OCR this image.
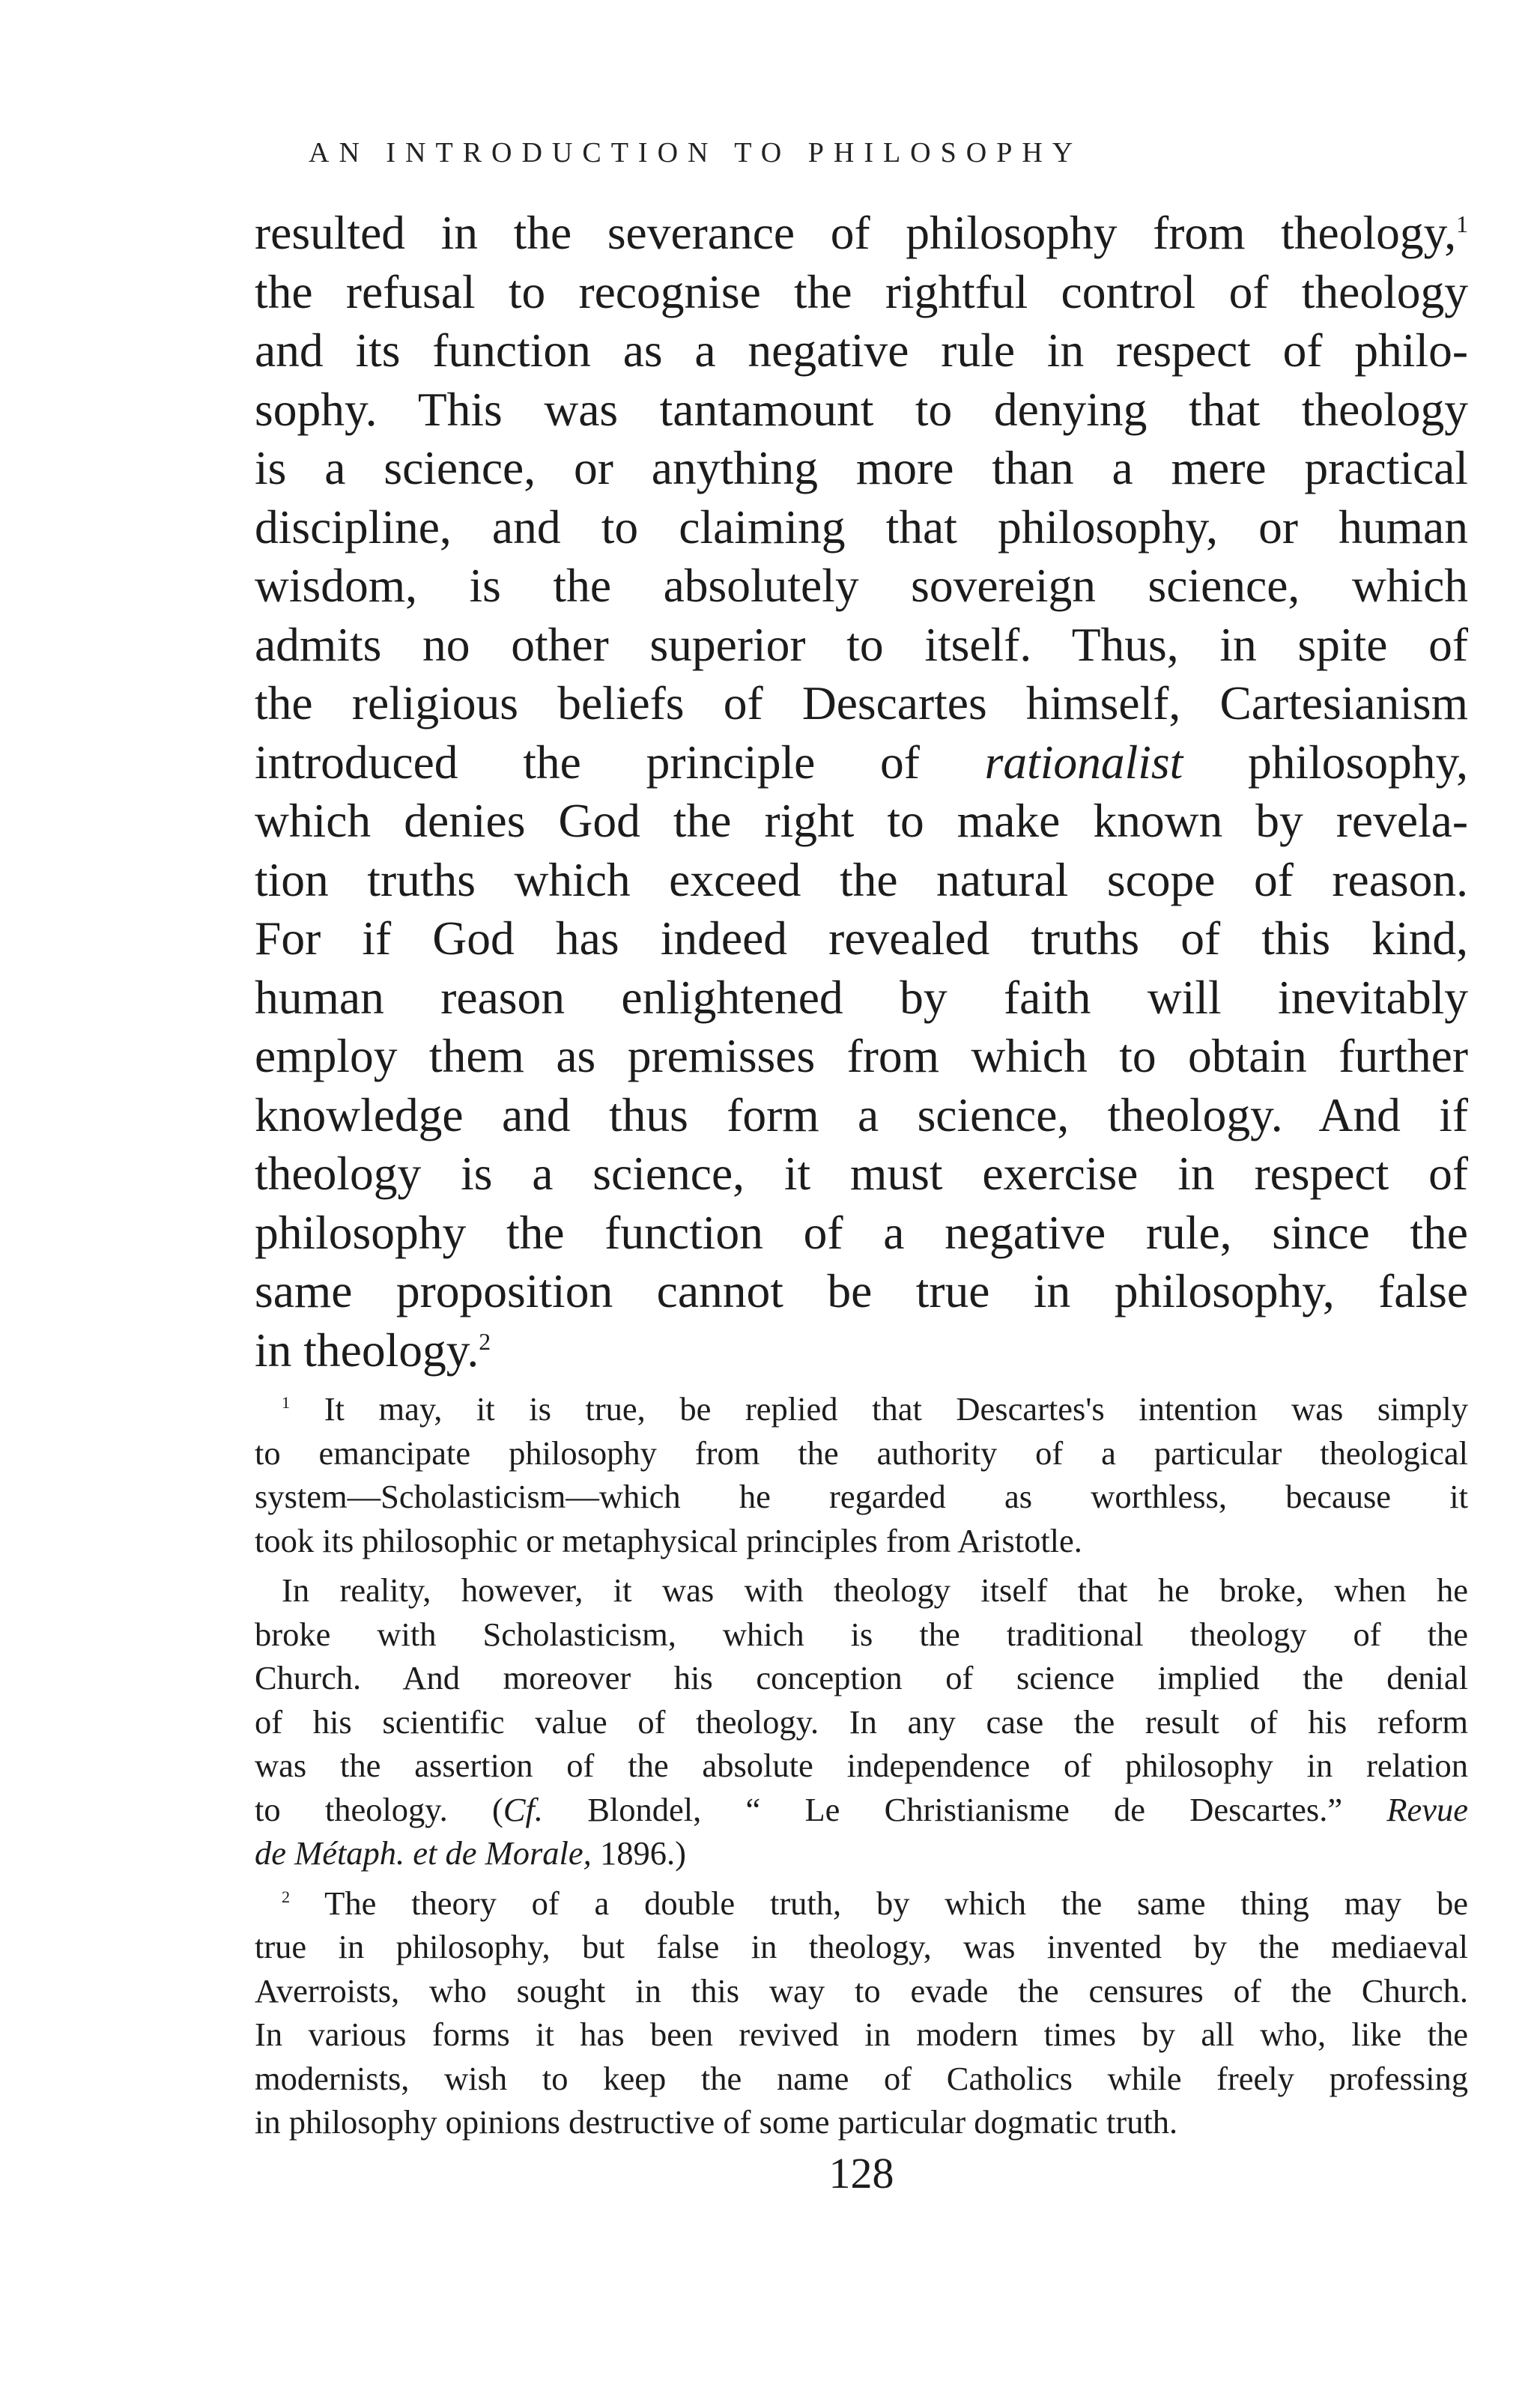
AN INTRODUCTION TO PHILOSOPHY
resulted in the severance of philosophy from theology,$^1$
the refusal to recognise the rightful control of theology
and its function as a negative rule in respect of philo-
sophy. This was tantamount to denying that theology
is a science, or anything more than a mere practical
discipline, and to claiming that philosophy, or human
wisdom, is the absolutely sovereign science, which
admits no other superior to itself. Thus, in spite of
the religious beliefs of Descartes himself, Cartesianism
introduced the principle of rationalist philosophy,
which denies God the right to make known by revela-
tion truths which exceed the natural scope of reason.
For if God has indeed revealed truths of this kind,
human reason enlightened by faith will inevitably
employ them as premisses from which to obtain further
knowledge and thus form a science, theology. And if
theology is a science, it must exercise in respect of
philosophy the function of a negative rule, since the
same proposition cannot be true in philosophy, false
in theology.$^2$
$^1$ It may, it is true, be replied that Descartes's intention was simply
to emancipate philosophy from the authority of a particular theological
system—Scholasticism—which he regarded as worthless, because it
took its philosophic or metaphysical principles from Aristotle.
In reality, however, it was with theology itself that he broke, when he
broke with Scholasticism, which is the traditional theology of the
Church. And moreover his conception of science implied the denial
of his scientific value of theology. In any case the result of his reform
was the assertion of the absolute independence of philosophy in relation
to theology. (Cf. Blondel, “ Le Christianisme de Descartes.” Revue
de Métaph. et de Morale, 1896.)
$^2$ The theory of a double truth, by which the same thing may be
true in philosophy, but false in theology, was invented by the mediaeval
Averroists, who sought in this way to evade the censures of the Church.
In various forms it has been revived in modern times by all who, like the
modernists, wish to keep the name of Catholics while freely professing
in philosophy opinions destructive of some particular dogmatic truth.
128
